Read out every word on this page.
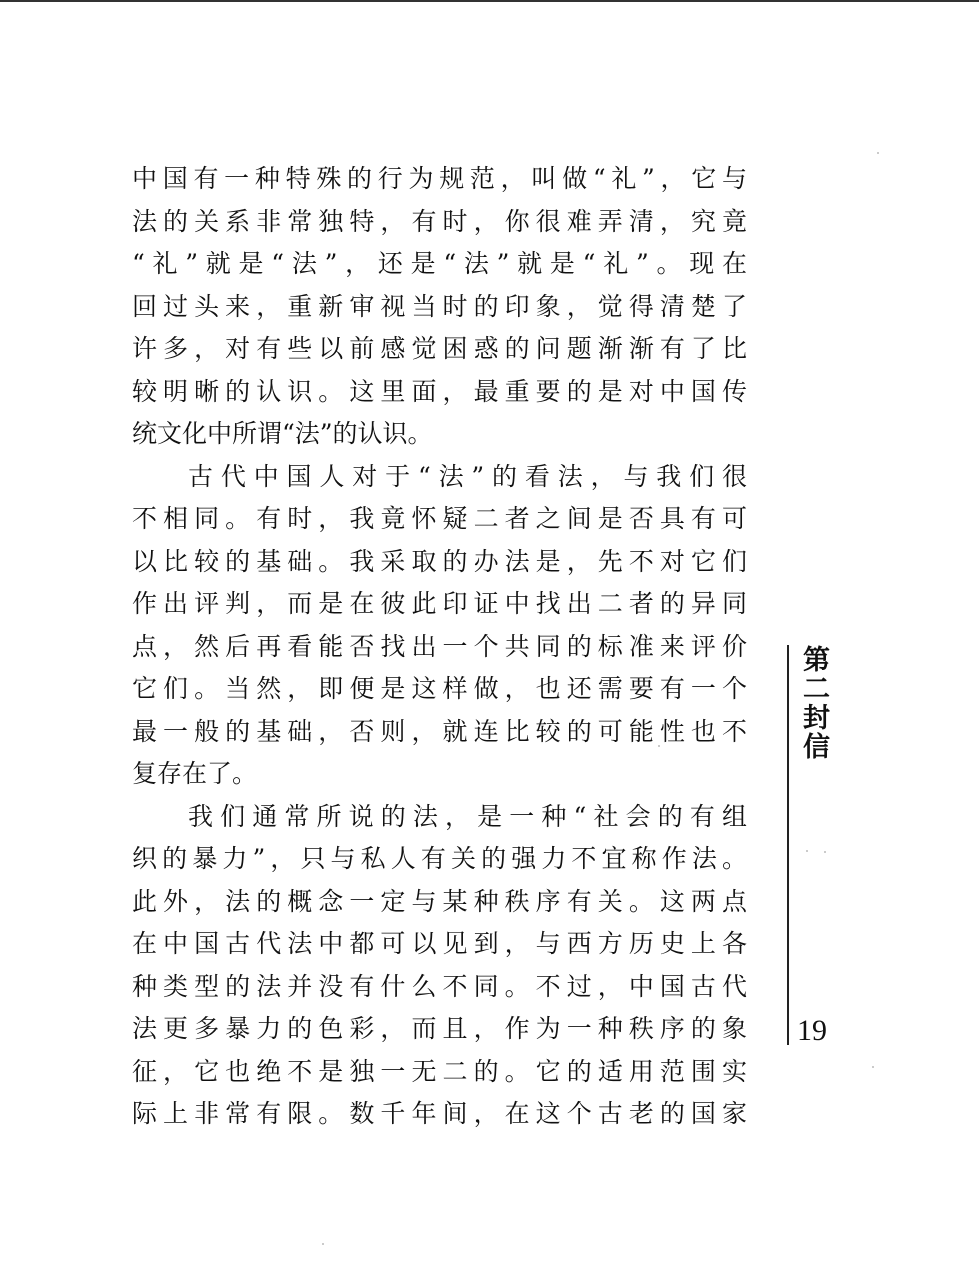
中国有一种特殊的行为规范，叫做“礼”，它与
法的关系非常独特，有时，你很难弄清，究竟
“礼”就是“法”，还是“法”就是“礼”。现在
回过头来，重新审视当时的印象，觉得清楚了
许多，对有些以前感觉困惑的问题渐渐有了比
较明晰的认识。这里面，最重要的是对中国传
统文化中所谓“法”的认识。
古代中国人对于“法”的看法，与我们很
不相同。有时，我竟怀疑二者之间是否具有可
以比较的基础。我采取的办法是，先不对它们
作出评判，而是在彼此印证中找出二者的异同
点，然后再看能否找出一个共同的标准来评价
它们。当然，即便是这样做，也还需要有一个
最一般的基础，否则，就连比较的可能性也不
复存在了。
我们通常所说的法，是一种“社会的有组
织的暴力”，只与私人有关的强力不宜称作法。
此外，法的概念一定与某种秩序有关。这两点
在中国古代法中都可以见到，与西方历史上各
种类型的法并没有什么不同。不过，中国古代
法更多暴力的色彩，而且，作为一种秩序的象
征，它也绝不是独一无二的。它的适用范围实
际上非常有限。数千年间，在这个古老的国家
第二封信
19
